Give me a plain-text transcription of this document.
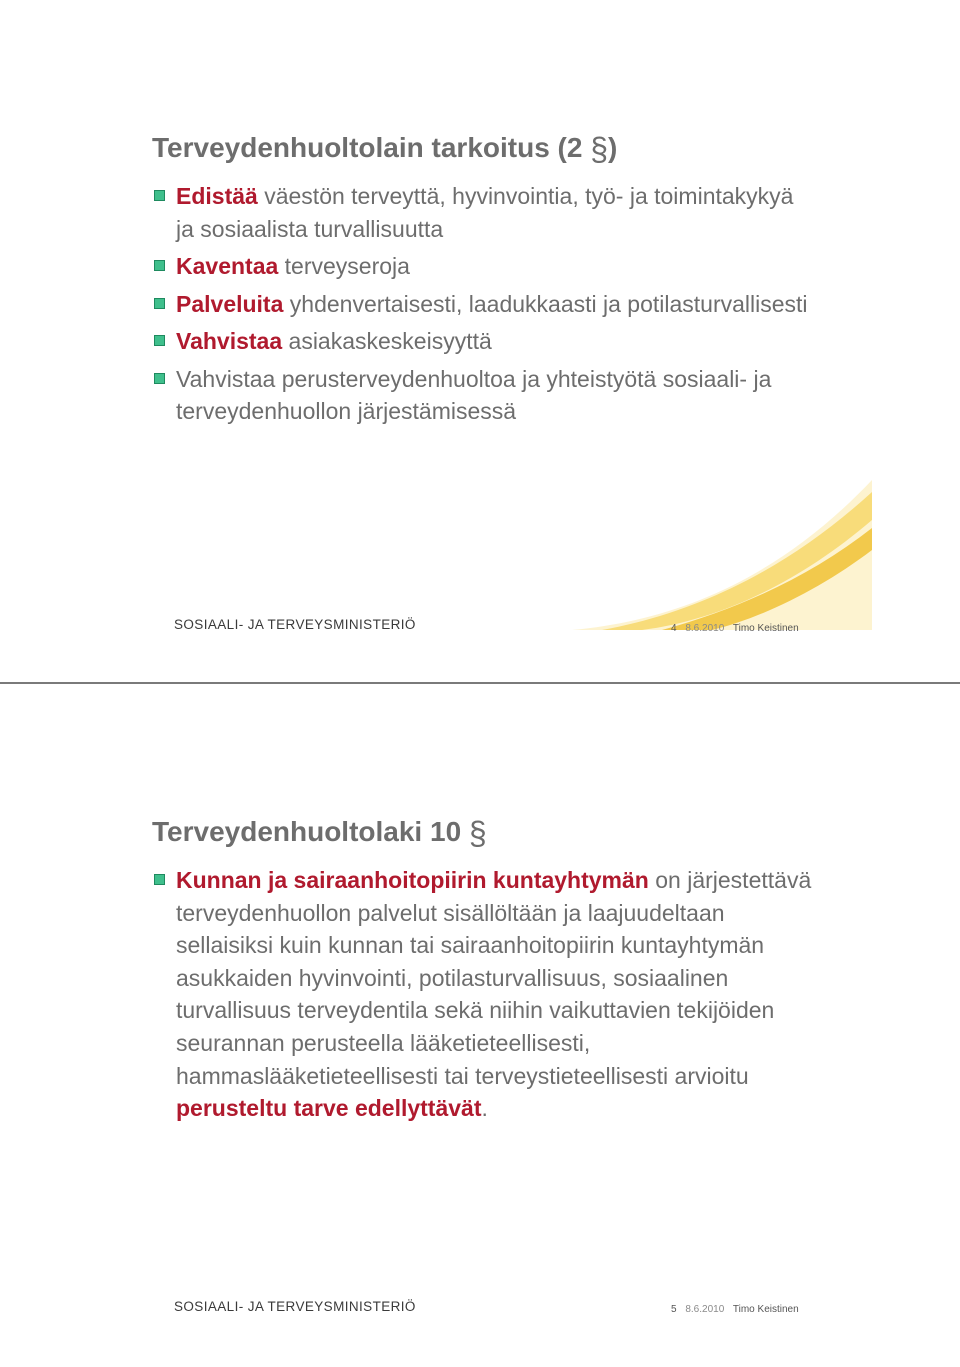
Terveydenhuoltolain tarkoitus (2 §)
Edistää väestön terveyttä, hyvinvointia, työ- ja toimintakykyä ja sosiaalista turvallisuutta
Kaventaa terveyseroja
Palveluita yhdenvertaisesti, laadukkaasti ja potilasturvallisesti
Vahvistaa asiakaskeskeisyyttä
Vahvistaa perusterveydenhuoltoa ja yhteistyötä sosiaali- ja terveydenhuollon järjestämisessä
SOSIAALI- JA TERVEYSMINISTERIÖ	4 8.6.2010 Timo Keistinen
Terveydenhuoltolaki 10 §
Kunnan ja sairaanhoitopiirin kuntayhtymän on järjestettävä terveydenhuollon palvelut sisällöltään ja laajuudeltaan sellaisiksi kuin kunnan tai sairaanhoitopiirin kuntayhtymän asukkaiden hyvinvointi, potilasturvallisuus, sosiaalinen turvallisuus terveydentila sekä niihin vaikuttavien tekijöiden seurannan perusteella lääketieteellisesti, hammaslääketieteellisesti tai terveystieteellisesti arvioitu perusteltu tarve edellyttävät.
SOSIAALI- JA TERVEYSMINISTERIÖ	5 8.6.2010 Timo Keistinen
